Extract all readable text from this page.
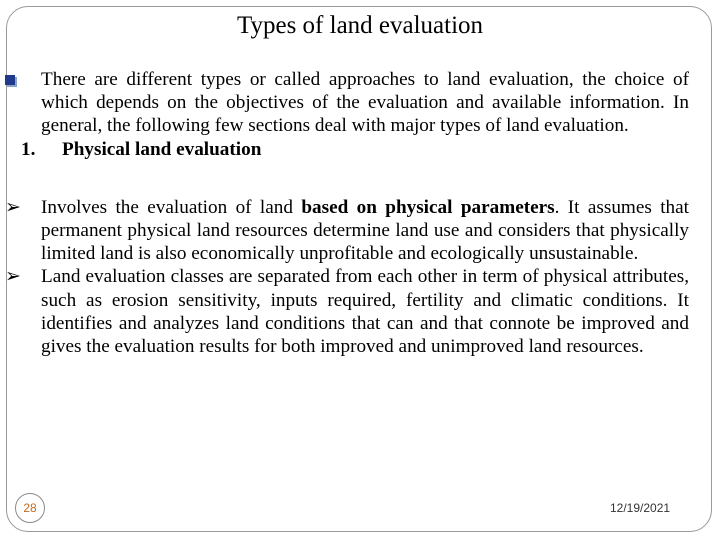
Types of land evaluation
There are different types or called approaches to land evaluation, the choice of which depends on the objectives of the evaluation and available information. In general, the following few sections deal with major types of land evaluation.
1. Physical land evaluation
➢ Involves the evaluation of land based on physical parameters. It assumes that permanent physical land resources determine land use and considers that physically limited land is also economically unprofitable and ecologically unsustainable.
➢ Land evaluation classes are separated from each other in term of physical attributes, such as erosion sensitivity, inputs required, fertility and climatic conditions. It identifies and analyzes land conditions that can and that connote be improved and gives the evaluation results for both improved and unimproved land resources.
28	12/19/2021
